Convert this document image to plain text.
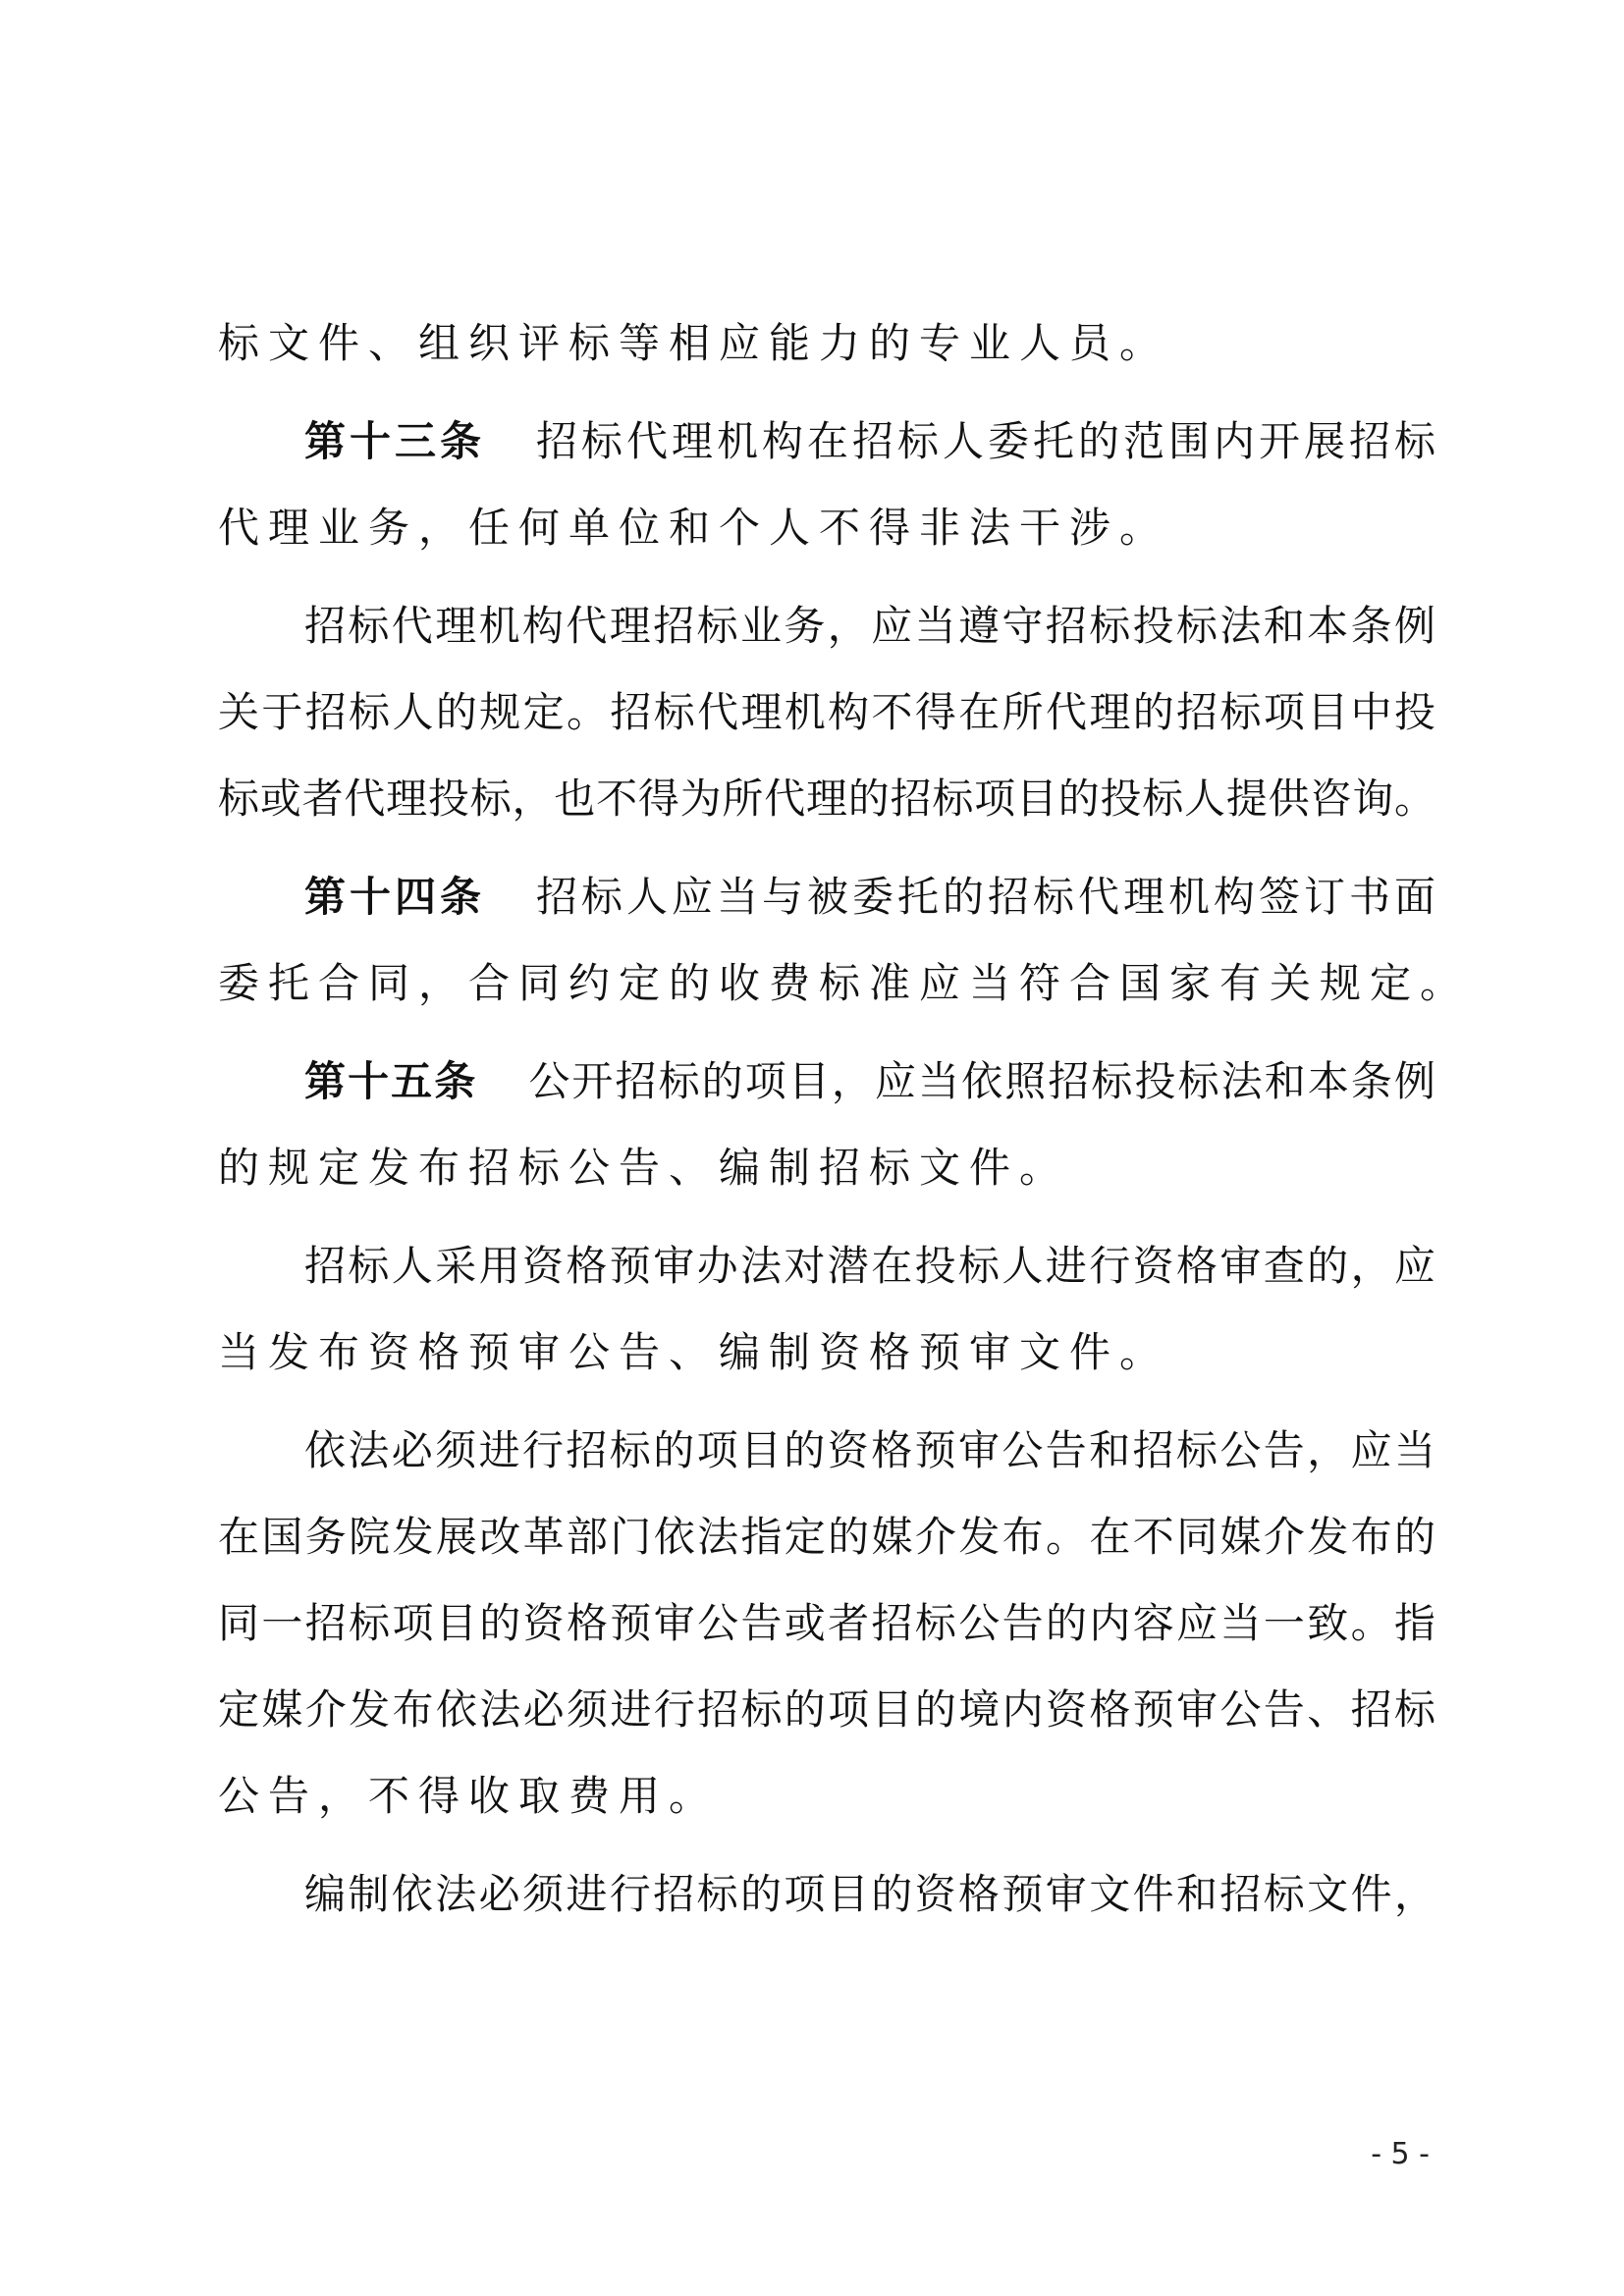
标文件、组织评标等相应能力的专业人员。
第十三条 招标代理机构在招标人委托的范围内开展招标
代理业务，任何单位和个人不得非法干涉。
招标代理机构代理招标业务，应当遵守招标投标法和本条例
关于招标人的规定。招标代理机构不得在所代理的招标项目中投
标或者代理投标，也不得为所代理的招标项目的投标人提供咨询。
第十四条 招标人应当与被委托的招标代理机构签订书面
委托合同，合同约定的收费标准应当符合国家有关规定。
第十五条 公开招标的项目，应当依照招标投标法和本条例
的规定发布招标公告、编制招标文件。
招标人采用资格预审办法对潜在投标人进行资格审查的，应
当发布资格预审公告、编制资格预审文件。
依法必须进行招标的项目的资格预审公告和招标公告，应当
在国务院发展改革部门依法指定的媒介发布。在不同媒介发布的
同一招标项目的资格预审公告或者招标公告的内容应当一致。指
定媒介发布依法必须进行招标的项目的境内资格预审公告、招标
公告，不得收取费用。
编制依法必须进行招标的项目的资格预审文件和招标文件，
- 5 -
